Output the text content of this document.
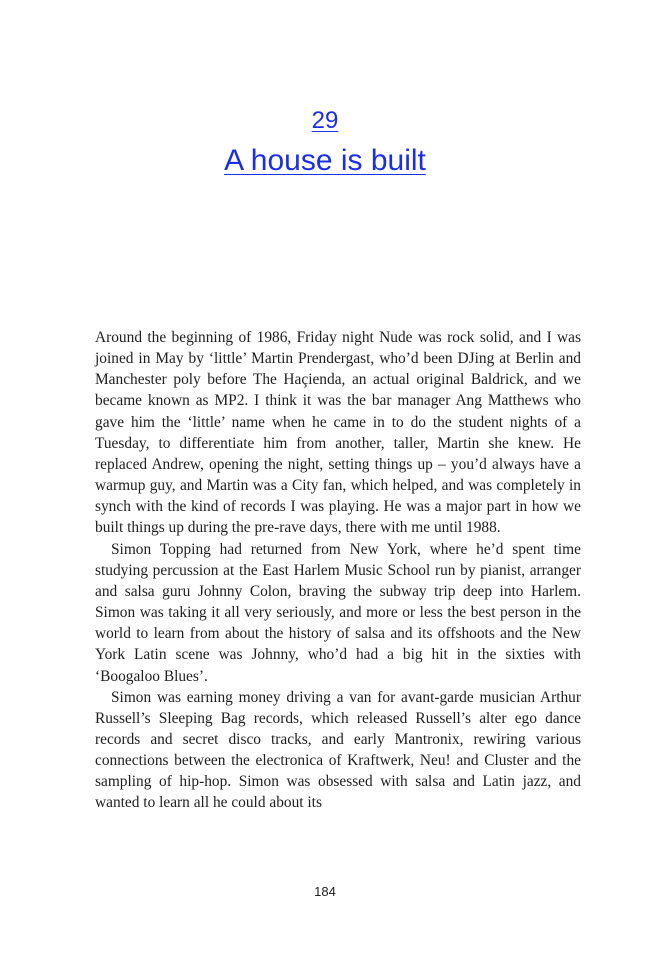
29
A house is built

Around the beginning of 1986, Friday night Nude was rock solid, and I was joined in May by ‘little’ Martin Prendergast, who’d been DJing at Berlin and Manchester poly before The Haçienda, an actual original Baldrick, and we became known as MP2. I think it was the bar manager Ang Matthews who gave him the ‘little’ name when he came in to do the student nights of a Tuesday, to differentiate him from another, taller, Martin she knew. He replaced Andrew, opening the night, setting things up – you’d always have a warmup guy, and Martin was a City fan, which helped, and was completely in synch with the kind of records I was playing. He was a major part in how we built things up during the pre-rave days, there with me until 1988.

Simon Topping had returned from New York, where he’d spent time studying percussion at the East Harlem Music School run by pianist, arranger and salsa guru Johnny Colon, braving the subway trip deep into Harlem. Simon was taking it all very seriously, and more or less the best person in the world to learn from about the history of salsa and its offshoots and the New York Latin scene was Johnny, who’d had a big hit in the sixties with ‘Boogaloo Blues’.

Simon was earning money driving a van for avant-garde musician Arthur Russell’s Sleeping Bag records, which released Russell’s alter ego dance records and secret disco tracks, and early Mantronix, rewiring various connections between the electronica of Kraftwerk, Neu! and Cluster and the sampling of hip-hop. Simon was obsessed with salsa and Latin jazz, and wanted to learn all he could about its

184
